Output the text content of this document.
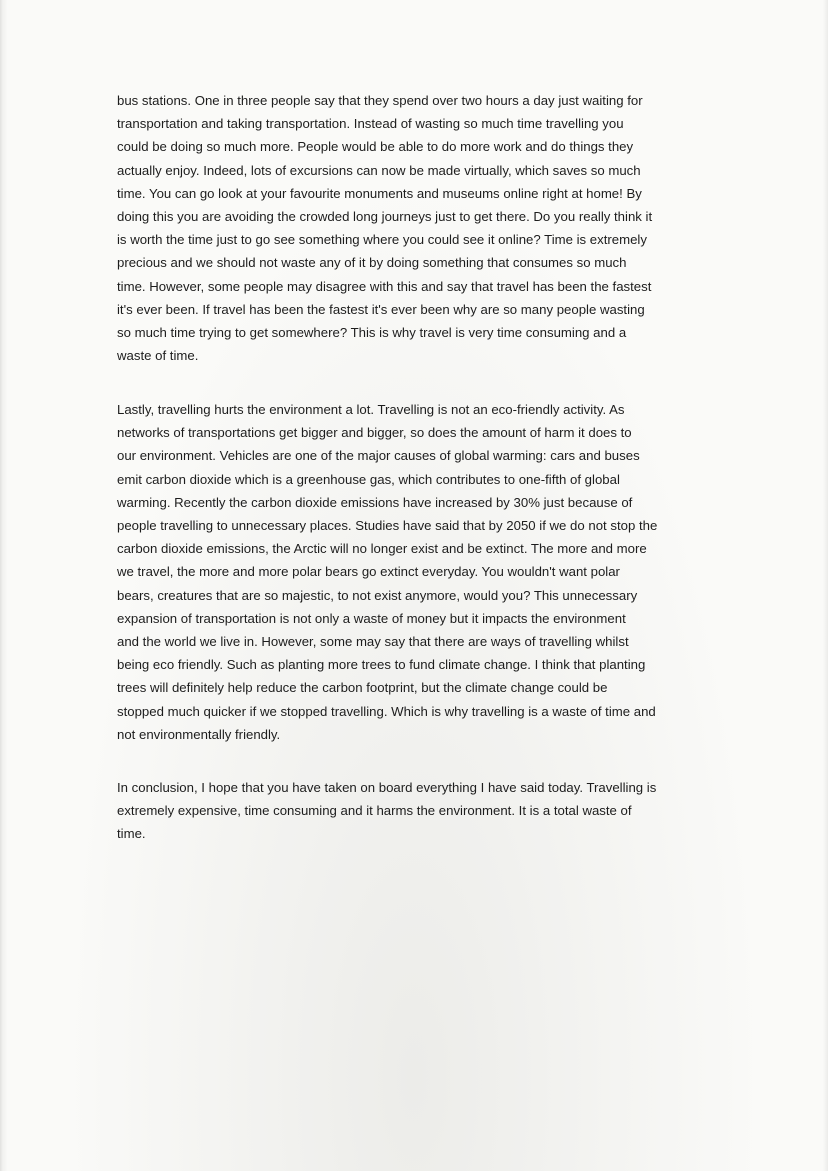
bus stations. One in three people say that they spend over two hours a day just waiting for
transportation and taking transportation. Instead of wasting so much time travelling you
could be doing so much more. People would be able to do more work and do things they
actually enjoy. Indeed, lots of excursions can now be made virtually, which saves so much
time. You can go look at your favourite monuments and museums online right at home! By
doing this you are avoiding the crowded long journeys just to get there. Do you really think it
is worth the time just to go see something where you could see it online? Time is extremely
precious and we should not waste any of it by doing something that consumes so much
time. However, some people may disagree with this and say that travel has been the fastest
it's ever been. If travel has been the fastest it's ever been why are so many people wasting
so much time trying to get somewhere? This is why travel is very time consuming and a
waste of time.
Lastly, travelling hurts the environment a lot. Travelling is not an eco-friendly activity. As
networks of transportations get bigger and bigger, so does the amount of harm it does to
our environment. Vehicles are one of the major causes of global warming: cars and buses
emit carbon dioxide which is a greenhouse gas, which contributes to one-fifth of global
warming. Recently the carbon dioxide emissions have increased by 30% just because of
people travelling to unnecessary places. Studies have said that by 2050 if we do not stop the
carbon dioxide emissions, the Arctic will no longer exist and be extinct. The more and more
we travel, the more and more polar bears go extinct everyday. You wouldn't want polar
bears, creatures that are so majestic, to not exist anymore, would you? This unnecessary
expansion of transportation is not only a waste of money but it impacts the environment
and the world we live in. However, some may say that there are ways of travelling whilst
being eco friendly. Such as planting more trees to fund climate change. I think that planting
trees will definitely help reduce the carbon footprint, but the climate change could be
stopped much quicker if we stopped travelling. Which is why travelling is a waste of time and
not environmentally friendly.
In conclusion, I hope that you have taken on board everything I have said today. Travelling is
extremely expensive, time consuming and it harms the environment. It is a total waste of
time.
